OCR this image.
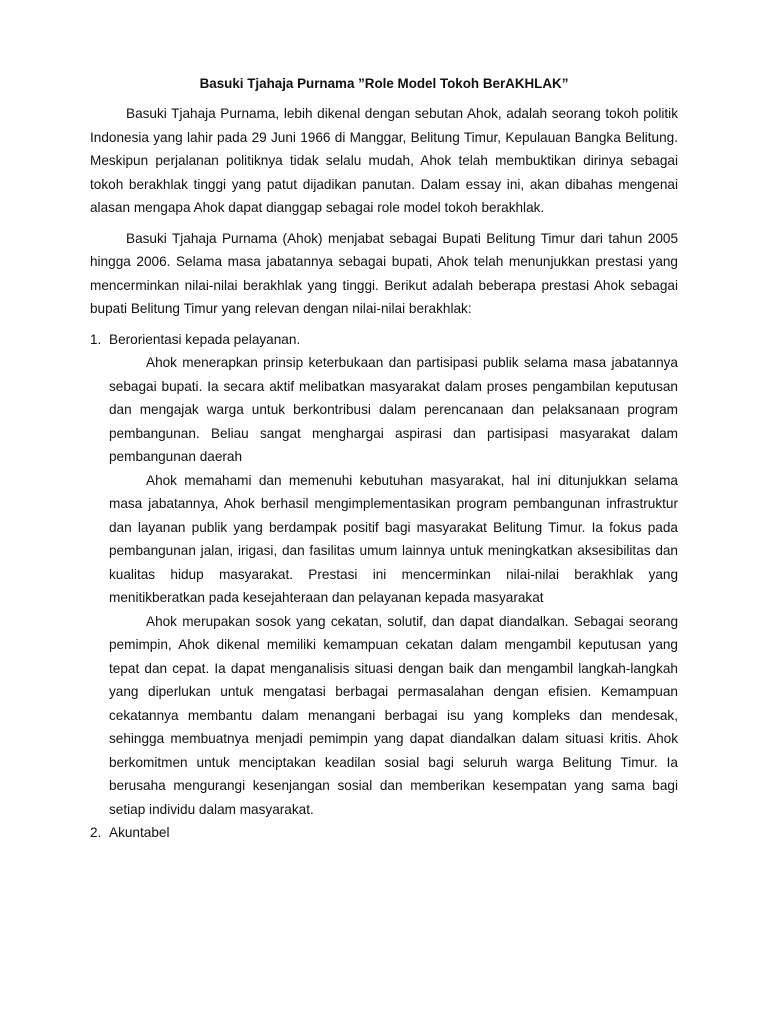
Basuki Tjahaja Purnama ”Role Model Tokoh BerAKHLAK”

Basuki Tjahaja Purnama, lebih dikenal dengan sebutan Ahok, adalah seorang tokoh politik Indonesia yang lahir pada 29 Juni 1966 di Manggar, Belitung Timur, Kepulauan Bangka Belitung. Meskipun perjalanan politiknya tidak selalu mudah, Ahok telah membuktikan dirinya sebagai tokoh berakhlak tinggi yang patut dijadikan panutan. Dalam essay ini, akan dibahas mengenai alasan mengapa Ahok dapat dianggap sebagai role model tokoh berakhlak.

Basuki Tjahaja Purnama (Ahok) menjabat sebagai Bupati Belitung Timur dari tahun 2005 hingga 2006. Selama masa jabatannya sebagai bupati, Ahok telah menunjukkan prestasi yang mencerminkan nilai-nilai berakhlak yang tinggi. Berikut adalah beberapa prestasi Ahok sebagai bupati Belitung Timur yang relevan dengan nilai-nilai berakhlak:

1. Berorientasi kepada pelayanan.

Ahok menerapkan prinsip keterbukaan dan partisipasi publik selama masa jabatannya sebagai bupati. Ia secara aktif melibatkan masyarakat dalam proses pengambilan keputusan dan mengajak warga untuk berkontribusi dalam perencanaan dan pelaksanaan program pembangunan. Beliau sangat menghargai aspirasi dan partisipasi masyarakat dalam pembangunan daerah

Ahok memahami dan memenuhi kebutuhan masyarakat, hal ini ditunjukkan selama masa jabatannya, Ahok berhasil mengimplementasikan program pembangunan infrastruktur dan layanan publik yang berdampak positif bagi masyarakat Belitung Timur. Ia fokus pada pembangunan jalan, irigasi, dan fasilitas umum lainnya untuk meningkatkan aksesibilitas dan kualitas hidup masyarakat. Prestasi ini mencerminkan nilai-nilai berakhlak yang menitikberatkan pada kesejahteraan dan pelayanan kepada masyarakat

Ahok merupakan sosok yang cekatan, solutif, dan dapat diandalkan. Sebagai seorang pemimpin, Ahok dikenal memiliki kemampuan cekatan dalam mengambil keputusan yang tepat dan cepat. Ia dapat menganalisis situasi dengan baik dan mengambil langkah-langkah yang diperlukan untuk mengatasi berbagai permasalahan dengan efisien. Kemampuan cekatannya membantu dalam menangani berbagai isu yang kompleks dan mendesak, sehingga membuatnya menjadi pemimpin yang dapat diandalkan dalam situasi kritis. Ahok berkomitmen untuk menciptakan keadilan sosial bagi seluruh warga Belitung Timur. Ia berusaha mengurangi kesenjangan sosial dan memberikan kesempatan yang sama bagi setiap individu dalam masyarakat.

2. Akuntabel
